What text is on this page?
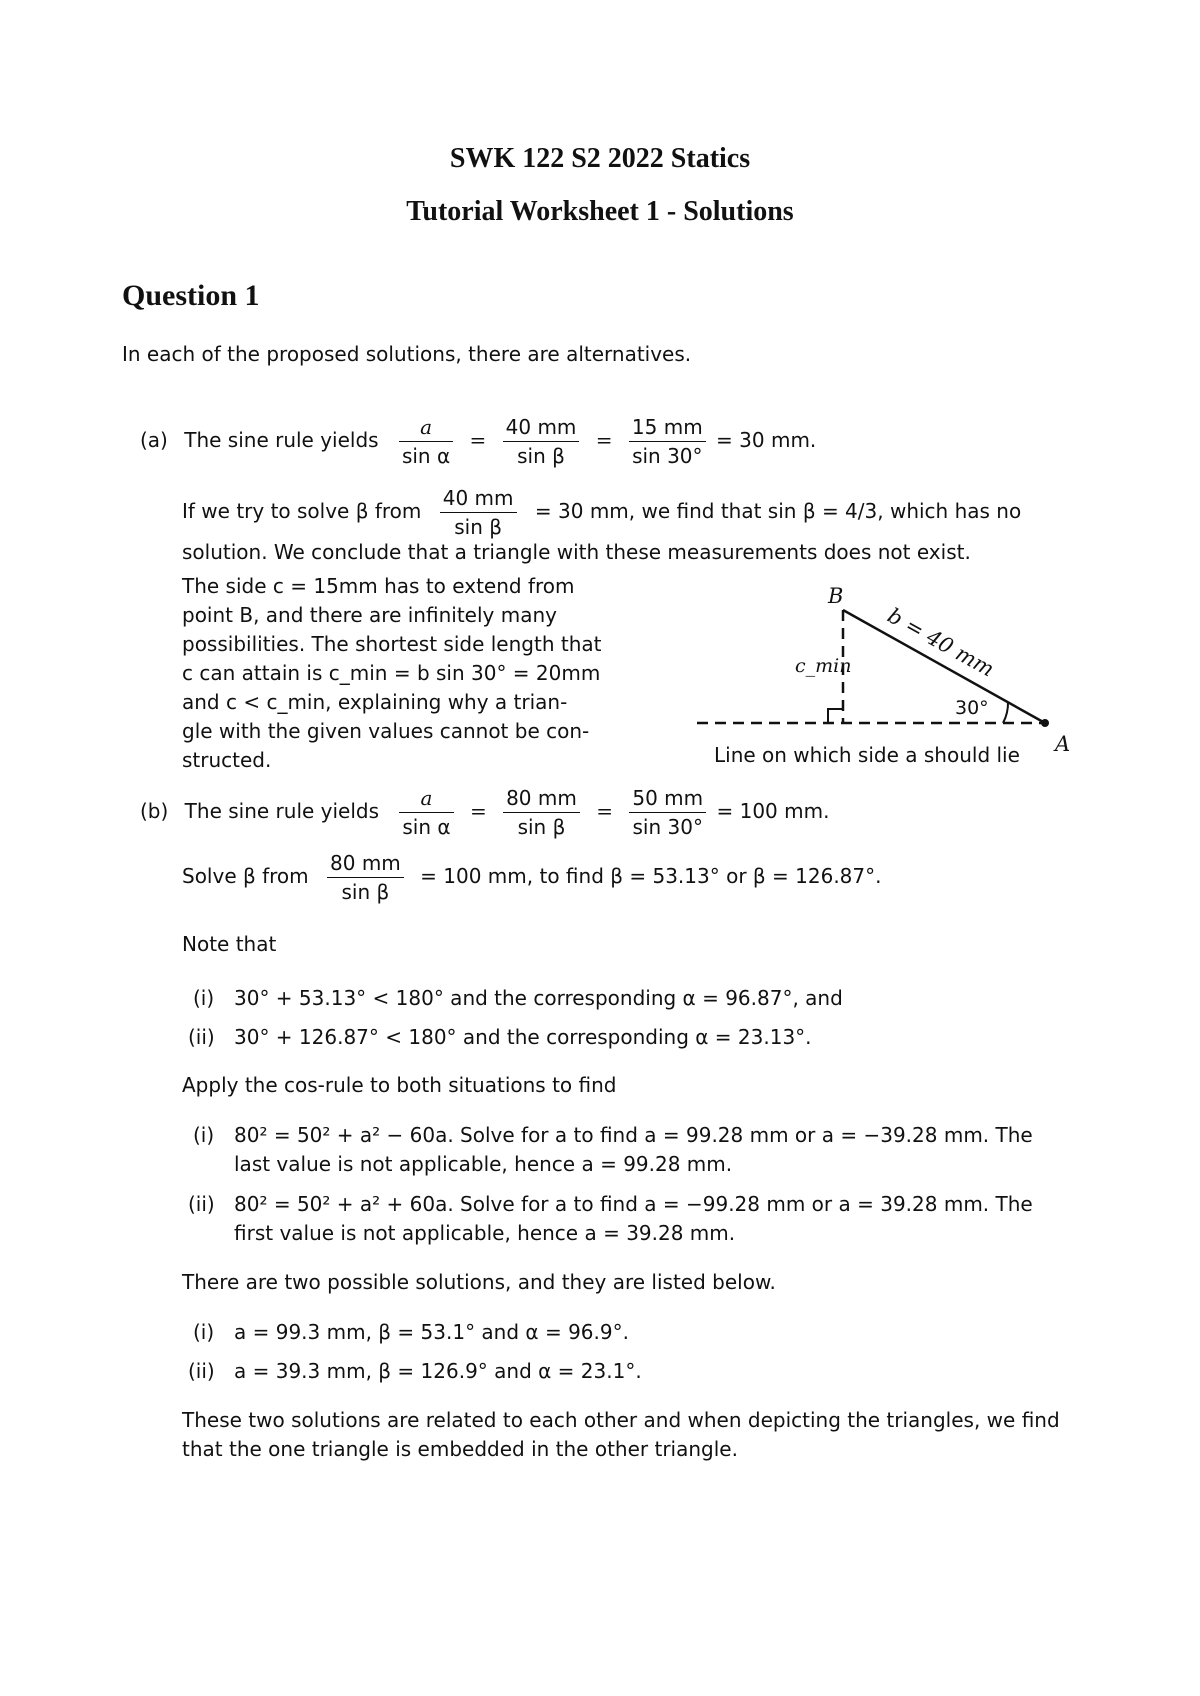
SWK 122 S2 2022 Statics
Tutorial Worksheet 1 - Solutions
Question 1
In each of the proposed solutions, there are alternatives.
(a) The sine rule yields $\frac{a}{\text{sin α}} = \frac{40 mm}{\text{sin β}} = \frac{15 mm}{\sin 30^\circ} = 30$ mm.
If we try to solve β from $\frac{40 mm}{\text{sin β}} = 30$ mm, we find that sin β = 4/3, which has no
solution. We conclude that a triangle with these measurements does not exist.
The side c = 15mm has to extend from
point B, and there are infinitely many
possibilities. The shortest side length that
c can attain is c_min = b sin 30° = 20mm
and c < c_min, explaining why a trian-
gle with the given values cannot be con-
structed.
B
A
b = 40 mm
c_min
30°
Line on which side a should lie
(b) The sine rule yields $\frac{a}{\text{sin α}} = \frac{80 mm}{\text{sin β}} = \frac{50 mm}{\sin 30^\circ} = 100$ mm.
Solve β from $\frac{80 mm}{\text{sin β}} = 100$ mm, to find β = 53.13° or β = 126.87°.
Note that
(i) 30° + 53.13° < 180° and the corresponding α = 96.87°, and
(ii) 30° + 126.87° < 180° and the corresponding α = 23.13°.
Apply the cos-rule to both situations to find
(i) 80² = 50² + a² − 60a. Solve for a to find a = 99.28 mm or a = −39.28 mm. The
last value is not applicable, hence a = 99.28 mm.
(ii) 80² = 50² + a² + 60a. Solve for a to find a = −99.28 mm or a = 39.28 mm. The
first value is not applicable, hence a = 39.28 mm.
There are two possible solutions, and they are listed below.
(i) a = 99.3 mm, β = 53.1° and α = 96.9°.
(ii) a = 39.3 mm, β = 126.9° and α = 23.1°.
These two solutions are related to each other and when depicting the triangles, we find
that the one triangle is embedded in the other triangle.
